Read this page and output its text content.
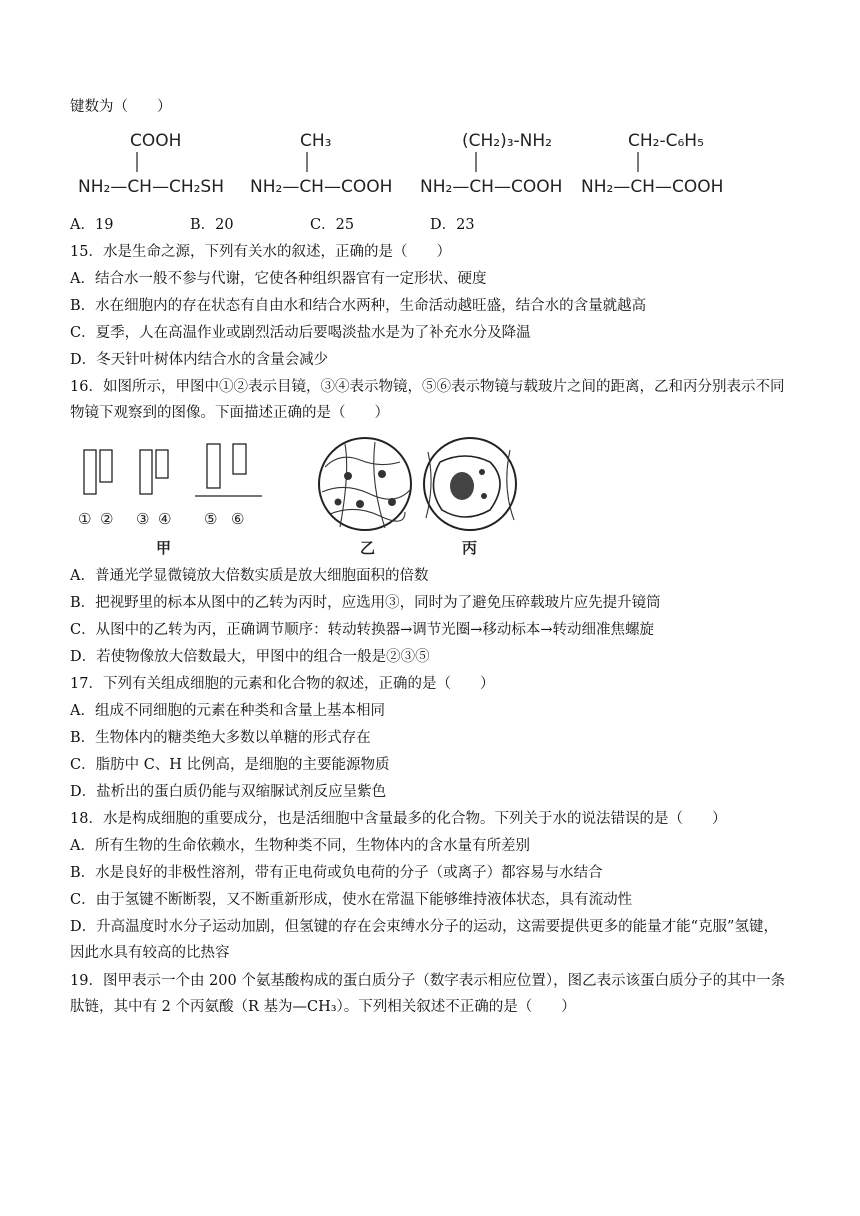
键数为（　　）
COOH
NH₂—CH—CH₂SH
CH₃
NH₂—CH—COOH
(CH₂)₃-NH₂
NH₂—CH—COOH
CH₂-C₆H₅
NH₂—CH—COOH
A．19	B．20	C．25	D．23
15．水是生命之源，下列有关水的叙述，正确的是（　　）
A．结合水一般不参与代谢，它使各种组织器官有一定形状、硬度
B．水在细胞内的存在状态有自由水和结合水两种，生命活动越旺盛，结合水的含量就越高
C．夏季，人在高温作业或剧烈活动后要喝淡盐水是为了补充水分及降温
D．冬天针叶树体内结合水的含量会减少
16．如图所示，甲图中①②表示目镜，③④表示物镜，⑤⑥表示物镜与载玻片之间的距离，乙和丙分别表示不同物镜下观察到的图像。下面描述正确的是（　　）
① ② ③ ④ ⑤ ⑥
甲	乙	丙
A．普通光学显微镜放大倍数实质是放大细胞面积的倍数
B．把视野里的标本从图中的乙转为丙时，应选用③，同时为了避免压碎载玻片应先提升镜筒
C．从图中的乙转为丙，正确调节顺序：转动转换器→调节光圈→移动标本→转动细准焦螺旋
D．若使物像放大倍数最大，甲图中的组合一般是②③⑤
17．下列有关组成细胞的元素和化合物的叙述，正确的是（　　）
A．组成不同细胞的元素在种类和含量上基本相同
B．生物体内的糖类绝大多数以单糖的形式存在
C．脂肪中 C、H 比例高，是细胞的主要能源物质
D．盐析出的蛋白质仍能与双缩脲试剂反应呈紫色
18．水是构成细胞的重要成分，也是活细胞中含量最多的化合物。下列关于水的说法错误的是（　　）
A．所有生物的生命依赖水，生物种类不同，生物体内的含水量有所差别
B．水是良好的非极性溶剂，带有正电荷或负电荷的分子（或离子）都容易与水结合
C．由于氢键不断断裂，又不断重新形成，使水在常温下能够维持液体状态，具有流动性
D．升高温度时水分子运动加剧，但氢键的存在会束缚水分子的运动，这需要提供更多的能量才能“克服”氢键，因此水具有较高的比热容
19．图甲表示一个由 200 个氨基酸构成的蛋白质分子（数字表示相应位置），图乙表示该蛋白质分子的其中一条肽链，其中有 2 个丙氨酸（R 基为—CH₃）。下列相关叙述不正确的是（　　）
